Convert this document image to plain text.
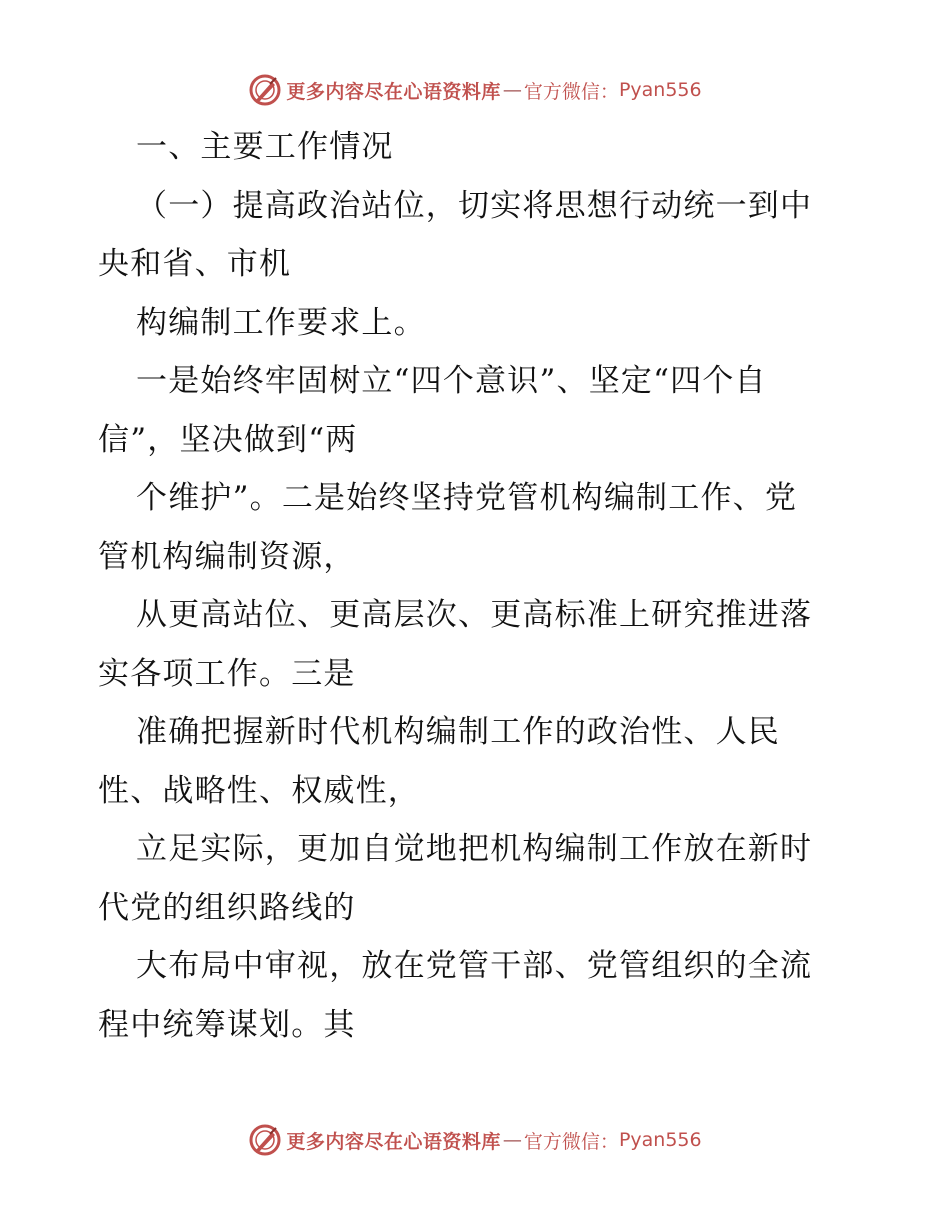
更多内容尽在心语资料库 — 官方微信： Pyan556
一、主要工作情况
（一）提高政治站位，切实将思想行动统一到中
央和省、市机
构编制工作要求上。
一是始终牢固树立“四个意识”、坚定“四个自
信”，坚决做到“两
个维护”。二是始终坚持党管机构编制工作、党
管机构编制资源，
从更高站位、更高层次、更高标准上研究推进落
实各项工作。三是
准确把握新时代机构编制工作的政治性、人民
性、战略性、权威性，
立足实际，更加自觉地把机构编制工作放在新时
代党的组织路线的
大布局中审视，放在党管干部、党管组织的全流
程中统筹谋划。其
更多内容尽在心语资料库 — 官方微信： Pyan556
